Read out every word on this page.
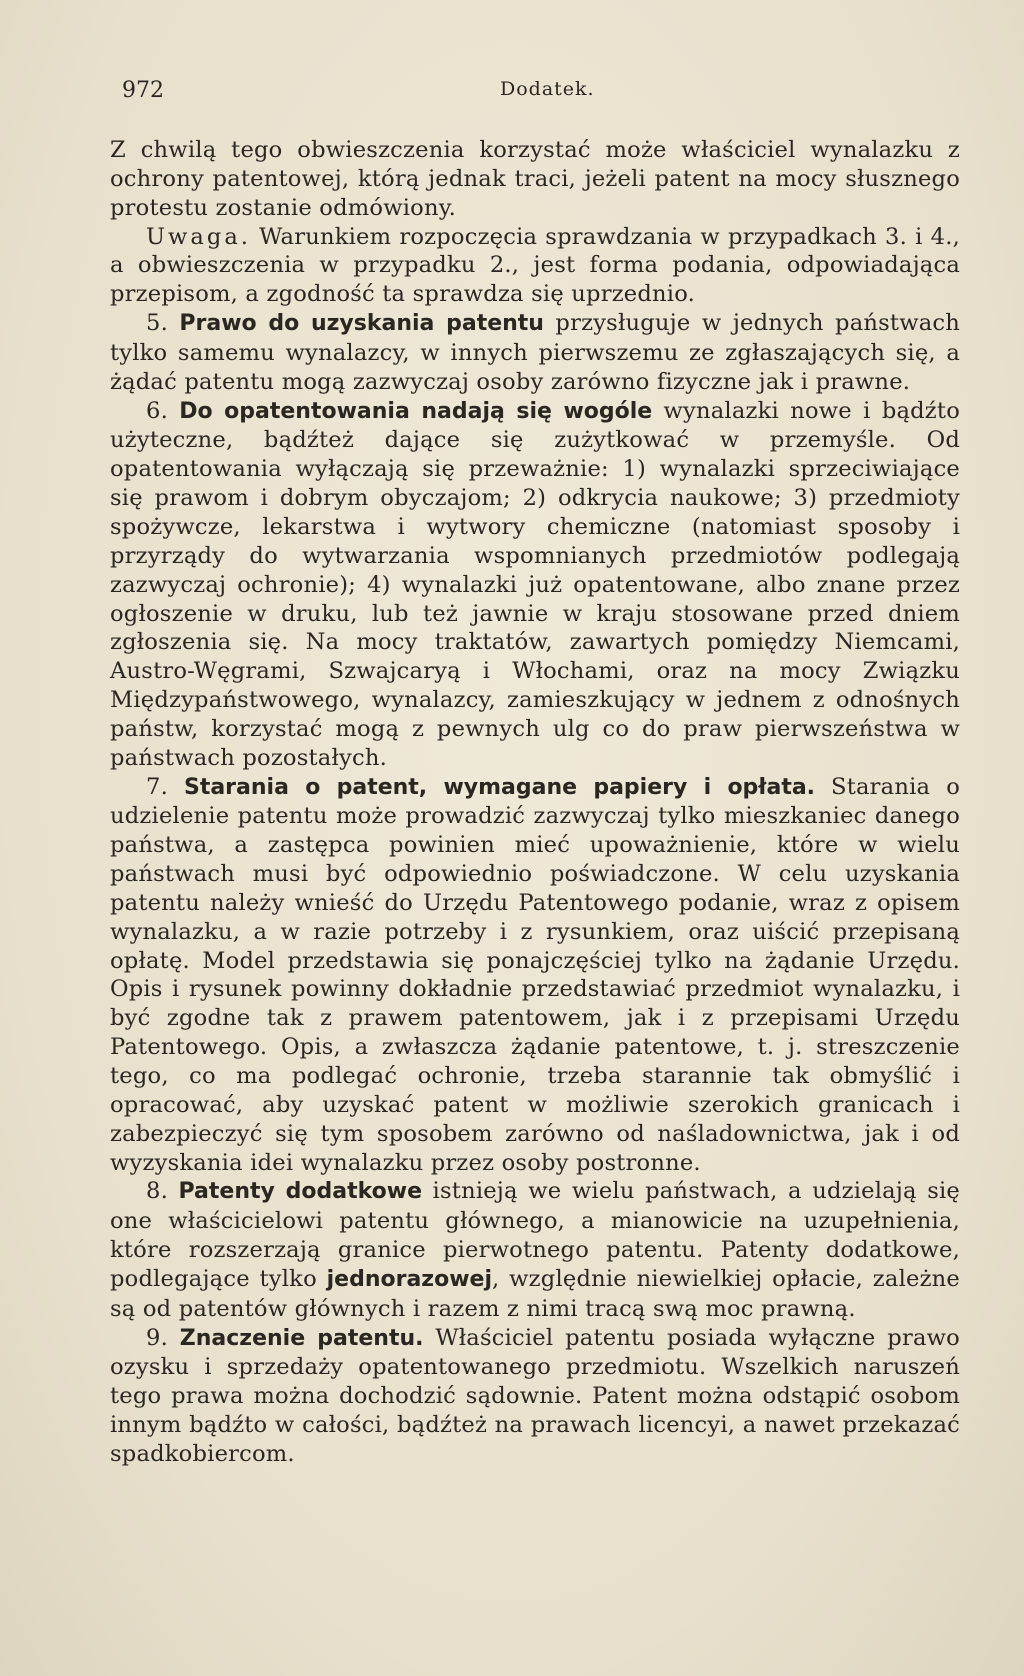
972	Dodatek.

Z chwilą tego obwieszczenia korzystać może właściciel wynalazku z ochrony patentowej, którą jednak traci, jeżeli patent na mocy słusznego protestu zostanie odmówiony.

Uwaga. Warunkiem rozpoczęcia sprawdzania w przypadkach 3. i 4., a obwieszczenia w przypadku 2., jest forma podania, odpowiadająca przepisom, a zgodność ta sprawdza się uprzednio.

5. Prawo do uzyskania patentu przysługuje w jednych państwach tylko samemu wynalazcy, w innych pierwszemu ze zgłaszających się, a żądać patentu mogą zazwyczaj osoby zarówno fizyczne jak i prawne.

6. Do opatentowania nadają się wogóle wynalazki nowe i bądźto użyteczne, bądźteż dające się zużytkować w przemyśle. Od opatentowania wyłączają się przeważnie: 1) wynalazki sprzeciwiające się prawom i dobrym obyczajom; 2) odkrycia naukowe; 3) przedmioty spożywcze, lekarstwa i wytwory chemiczne (natomiast sposoby i przyrządy do wytwarzania wspomnianych przedmiotów podlegają zazwyczaj ochronie); 4) wynalazki już opatentowane, albo znane przez ogłoszenie w druku, lub też jawnie w kraju stosowane przed dniem zgłoszenia się. Na mocy traktatów, zawartych pomiędzy Niemcami, Austro-Węgrami, Szwajcaryą i Włochami, oraz na mocy Związku Międzypaństwowego, wynalazcy, zamieszkujący w jednem z odnośnych państw, korzystać mogą z pewnych ulg co do praw pierwszeństwa w państwach pozostałych.

7. Starania o patent, wymagane papiery i opłata. Starania o udzielenie patentu może prowadzić zazwyczaj tylko mieszkaniec danego państwa, a zastępca powinien mieć upoważnienie, które w wielu państwach musi być odpowiednio poświadczone. W celu uzyskania patentu należy wnieść do Urzędu Patentowego podanie, wraz z opisem wynalazku, a w razie potrzeby i z rysunkiem, oraz uiścić przepisaną opłatę. Model przedstawia się ponajczęściej tylko na żądanie Urzędu. Opis i rysunek powinny dokładnie przedstawiać przedmiot wynalazku, i być zgodne tak z prawem patentowem, jak i z przepisami Urzędu Patentowego. Opis, a zwłaszcza żądanie patentowe, t. j. streszczenie tego, co ma podlegać ochronie, trzeba starannie tak obmyślić i opracować, aby uzyskać patent w możliwie szerokich granicach i zabezpieczyć się tym sposobem zarówno od naśladownictwa, jak i od wyzyskania idei wynalazku przez osoby postronne.

8. Patenty dodatkowe istnieją we wielu państwach, a udzielają się one właścicielowi patentu głównego, a mianowicie na uzupełnienia, które rozszerzają granice pierwotnego patentu. Patenty dodatkowe, podlegające tylko jednorazowej, względnie niewielkiej opłacie, zależne są od patentów głównych i razem z nimi tracą swą moc prawną.

9. Znaczenie patentu. Właściciel patentu posiada wyłączne prawo ozysku i sprzedaży opatentowanego przedmiotu. Wszelkich naruszeń tego prawa można dochodzić sądownie. Patent można odstąpić osobom innym bądźto w całości, bądźteż na prawach licencyi, a nawet przekazać spadkobiercom.
